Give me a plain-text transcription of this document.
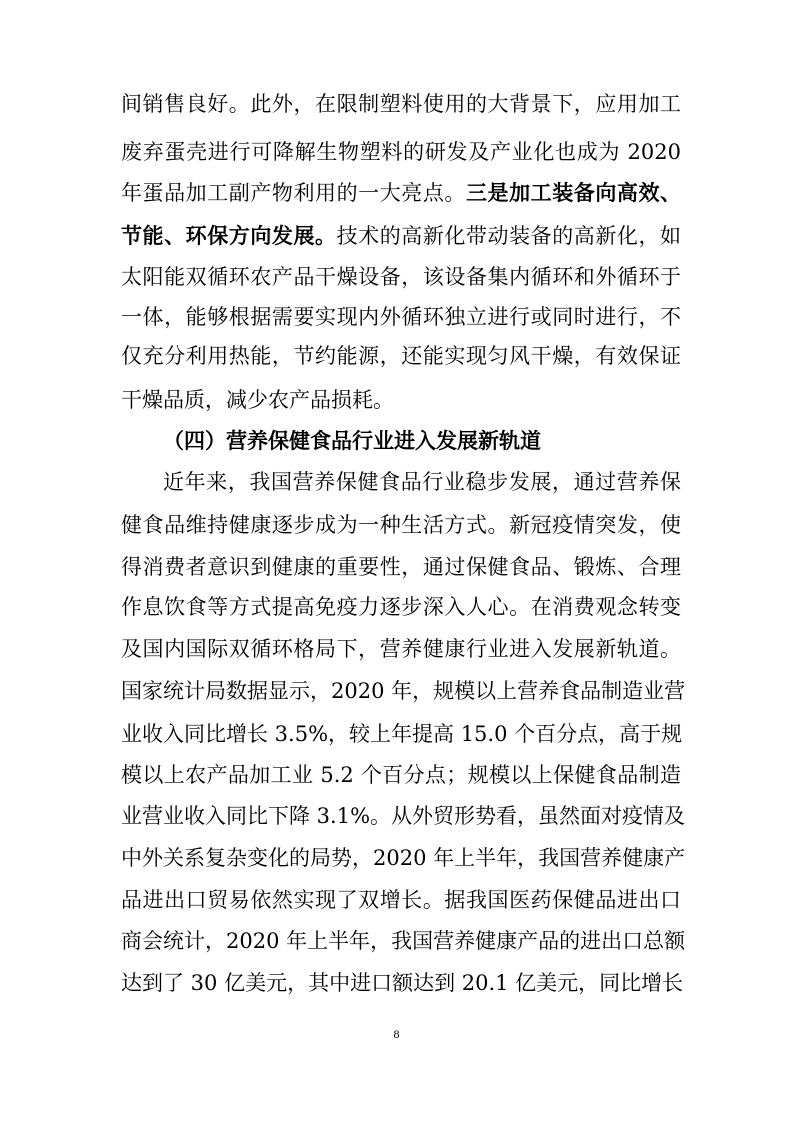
间销售良好。此外，在限制塑料使用的大背景下，应用加工
废弃蛋壳进行可降解生物塑料的研发及产业化也成为 2020
年蛋品加工副产物利用的一大亮点。三是加工装备向高效、
节能、环保方向发展。技术的高新化带动装备的高新化，如
太阳能双循环农产品干燥设备，该设备集内循环和外循环于
一体，能够根据需要实现内外循环独立进行或同时进行，不
仅充分利用热能，节约能源，还能实现匀风干燥，有效保证
干燥品质，减少农产品损耗。
（四）营养保健食品行业进入发展新轨道
近年来，我国营养保健食品行业稳步发展，通过营养保
健食品维持健康逐步成为一种生活方式。新冠疫情突发，使
得消费者意识到健康的重要性，通过保健食品、锻炼、合理
作息饮食等方式提高免疫力逐步深入人心。在消费观念转变
及国内国际双循环格局下，营养健康行业进入发展新轨道。
国家统计局数据显示，2020 年，规模以上营养食品制造业营
业收入同比增长 3.5%，较上年提高 15.0 个百分点，高于规
模以上农产品加工业 5.2 个百分点；规模以上保健食品制造
业营业收入同比下降 3.1%。从外贸形势看，虽然面对疫情及
中外关系复杂变化的局势，2020 年上半年，我国营养健康产
品进出口贸易依然实现了双增长。据我国医药保健品进出口
商会统计，2020 年上半年，我国营养健康产品的进出口总额
达到了 30 亿美元，其中进口额达到 20.1 亿美元，同比增长
8
